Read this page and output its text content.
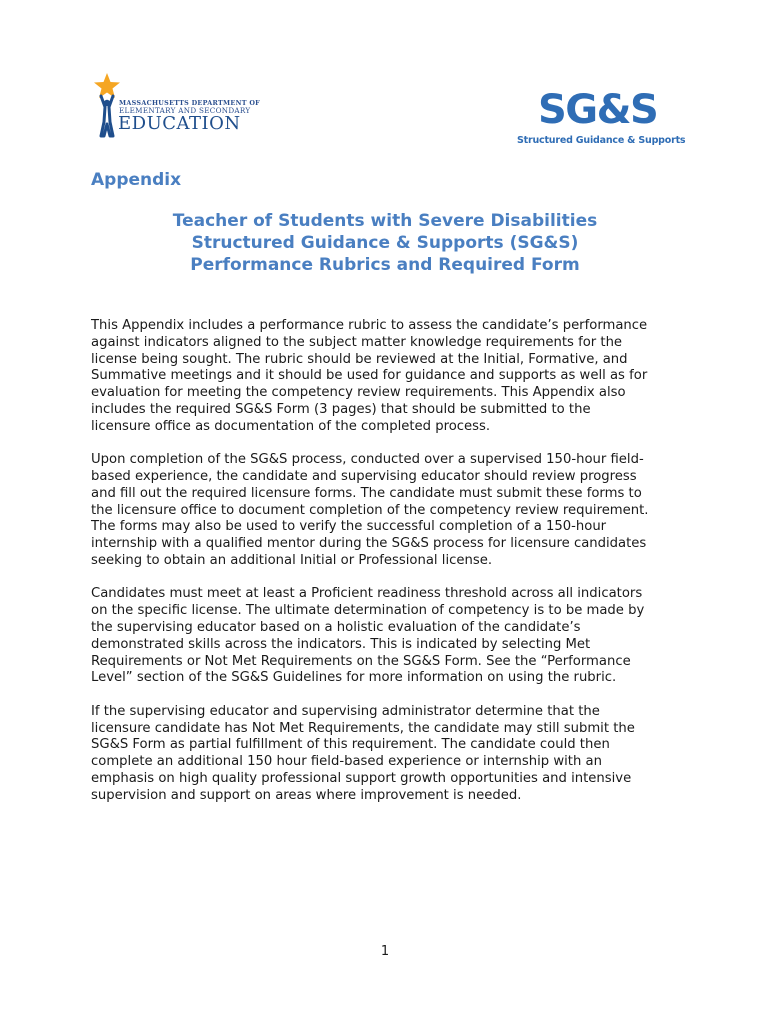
MASSACHUSETTS DEPARTMENT OF
ELEMENTARY AND SECONDARY
EDUCATION	SG&S
Structured Guidance & Supports
Appendix
Teacher of Students with Severe Disabilities
Structured Guidance & Supports (SG&S)
Performance Rubrics and Required Form

This Appendix includes a performance rubric to assess the candidate’s performance
against indicators aligned to the subject matter knowledge requirements for the
license being sought. The rubric should be reviewed at the Initial, Formative, and
Summative meetings and it should be used for guidance and supports as well as for
evaluation for meeting the competency review requirements. This Appendix also
includes the required SG&S Form (3 pages) that should be submitted to the
licensure office as documentation of the completed process.

Upon completion of the SG&S process, conducted over a supervised 150-hour field-
based experience, the candidate and supervising educator should review progress
and fill out the required licensure forms. The candidate must submit these forms to
the licensure office to document completion of the competency review requirement.
The forms may also be used to verify the successful completion of a 150-hour
internship with a qualified mentor during the SG&S process for licensure candidates
seeking to obtain an additional Initial or Professional license.

Candidates must meet at least a Proficient readiness threshold across all indicators
on the specific license. The ultimate determination of competency is to be made by
the supervising educator based on a holistic evaluation of the candidate’s
demonstrated skills across the indicators. This is indicated by selecting Met
Requirements or Not Met Requirements on the SG&S Form. See the “Performance
Level” section of the SG&S Guidelines for more information on using the rubric.

If the supervising educator and supervising administrator determine that the
licensure candidate has Not Met Requirements, the candidate may still submit the
SG&S Form as partial fulfillment of this requirement. The candidate could then
complete an additional 150 hour field-based experience or internship with an
emphasis on high quality professional support growth opportunities and intensive
supervision and support on areas where improvement is needed.

1
